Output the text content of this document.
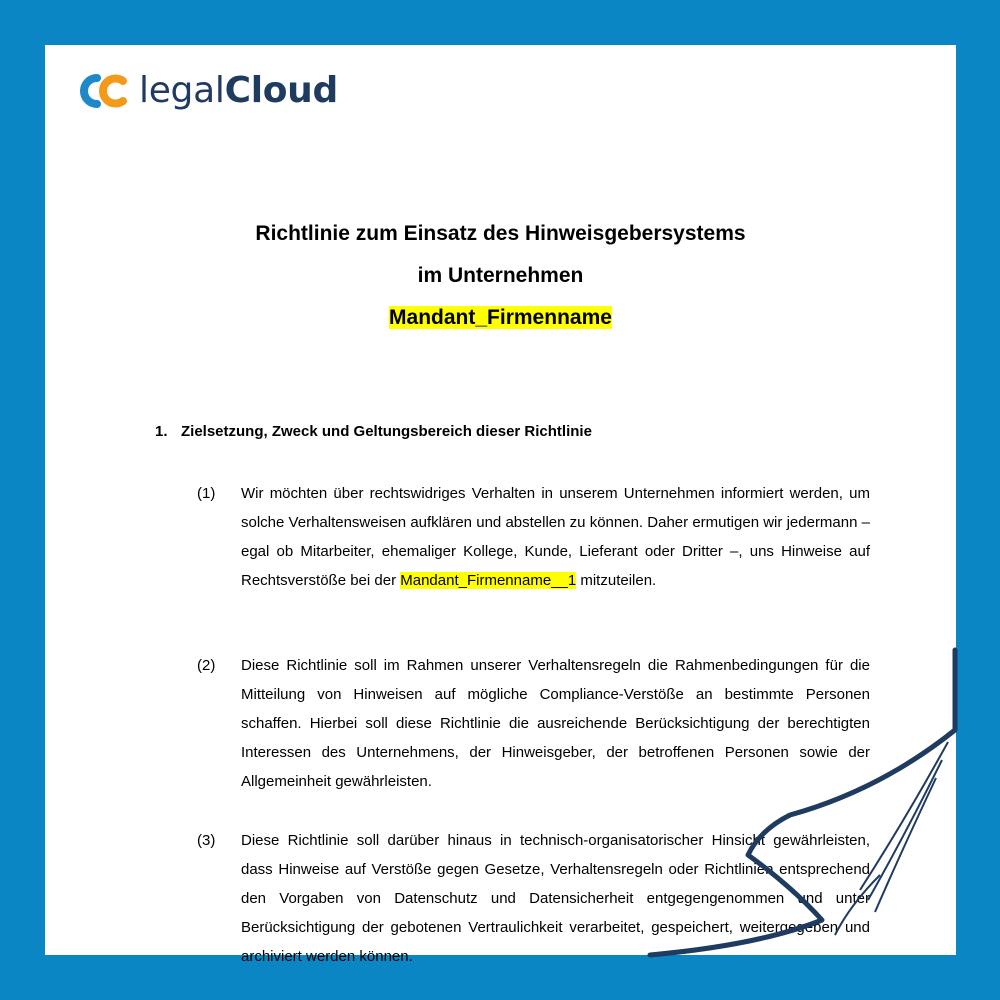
legalCloud

Richtlinie zum Einsatz des Hinweisgebersystems

im Unternehmen

Mandant_Firmenname

1. Zielsetzung, Zweck und Geltungsbereich dieser Richtlinie
(1) Wir möchten über rechtswidriges Verhalten in unserem Unternehmen informiert werden, um solche Verhaltensweisen aufklären und abstellen zu können. Daher ermutigen wir jedermann – egal ob Mitarbeiter, ehemaliger Kollege, Kunde, Lieferant oder Dritter –, uns Hinweise auf Rechtsverstöße bei der Mandant_Firmenname__1 mitzuteilen.
(2) Diese Richtlinie soll im Rahmen unserer Verhaltensregeln die Rahmenbedingungen für die Mitteilung von Hinweisen auf mögliche Compliance-Verstöße an bestimmte Personen schaffen. Hierbei soll diese Richtlinie die ausreichende Berücksichtigung der berechtigten Interessen des Unternehmens, der Hinweisgeber, der betroffenen Personen sowie der Allgemeinheit gewährleisten.
(3) Diese Richtlinie soll darüber hinaus in technisch-organisatorischer Hinsicht gewährleisten, dass Hinweise auf Verstöße gegen Gesetze, Verhaltensregeln oder Richtlinien entsprechend den Vorgaben von Datenschutz und Datensicherheit entgegengenommen und unter Berücksichtigung der gebotenen Vertraulichkeit verarbeitet, gespeichert, weitergegeben und archiviert werden können.
